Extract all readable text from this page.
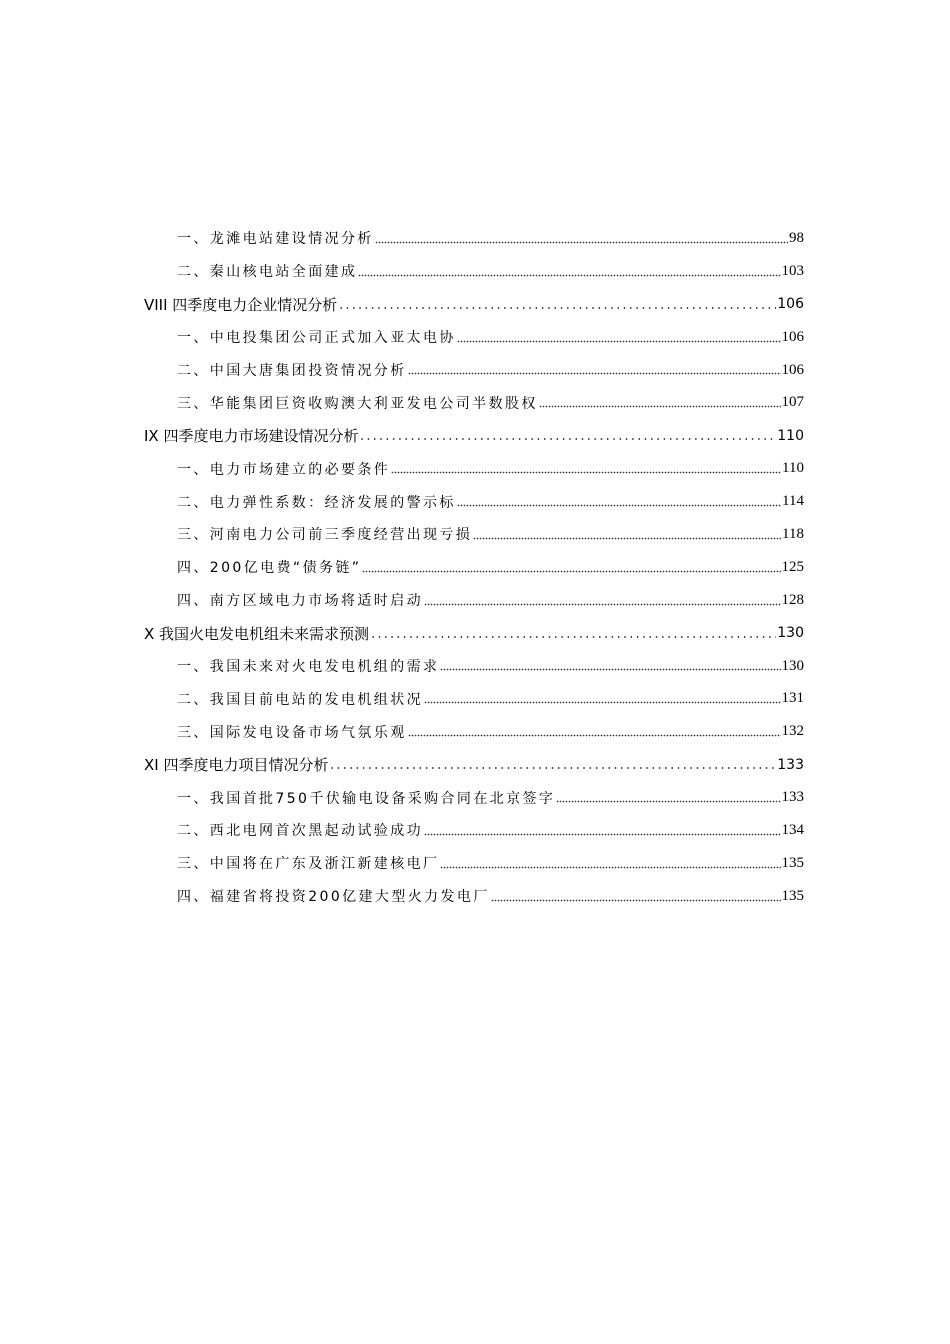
一、龙滩电站建设情况分析	98
二、秦山核电站全面建成	103
VIII 四季度电力企业情况分析	106
一、中电投集团公司正式加入亚太电协	106
二、中国大唐集团投资情况分析	106
三、华能集团巨资收购澳大利亚发电公司半数股权	107
IX 四季度电力市场建设情况分析	110
一、电力市场建立的必要条件	110
二、电力弹性系数：经济发展的警示标	114
三、河南电力公司前三季度经营出现亏损	118
四、200亿电费“债务链”	125
四、南方区域电力市场将适时启动	128
X 我国火电发电机组未来需求预测	130
一、我国未来对火电发电机组的需求	130
二、我国目前电站的发电机组状况	131
三、国际发电设备市场气氛乐观	132
XI 四季度电力项目情况分析	133
一、我国首批750千伏输电设备采购合同在北京签字	133
二、西北电网首次黑起动试验成功	134
三、中国将在广东及浙江新建核电厂	135
四、福建省将投资200亿建大型火力发电厂	135
